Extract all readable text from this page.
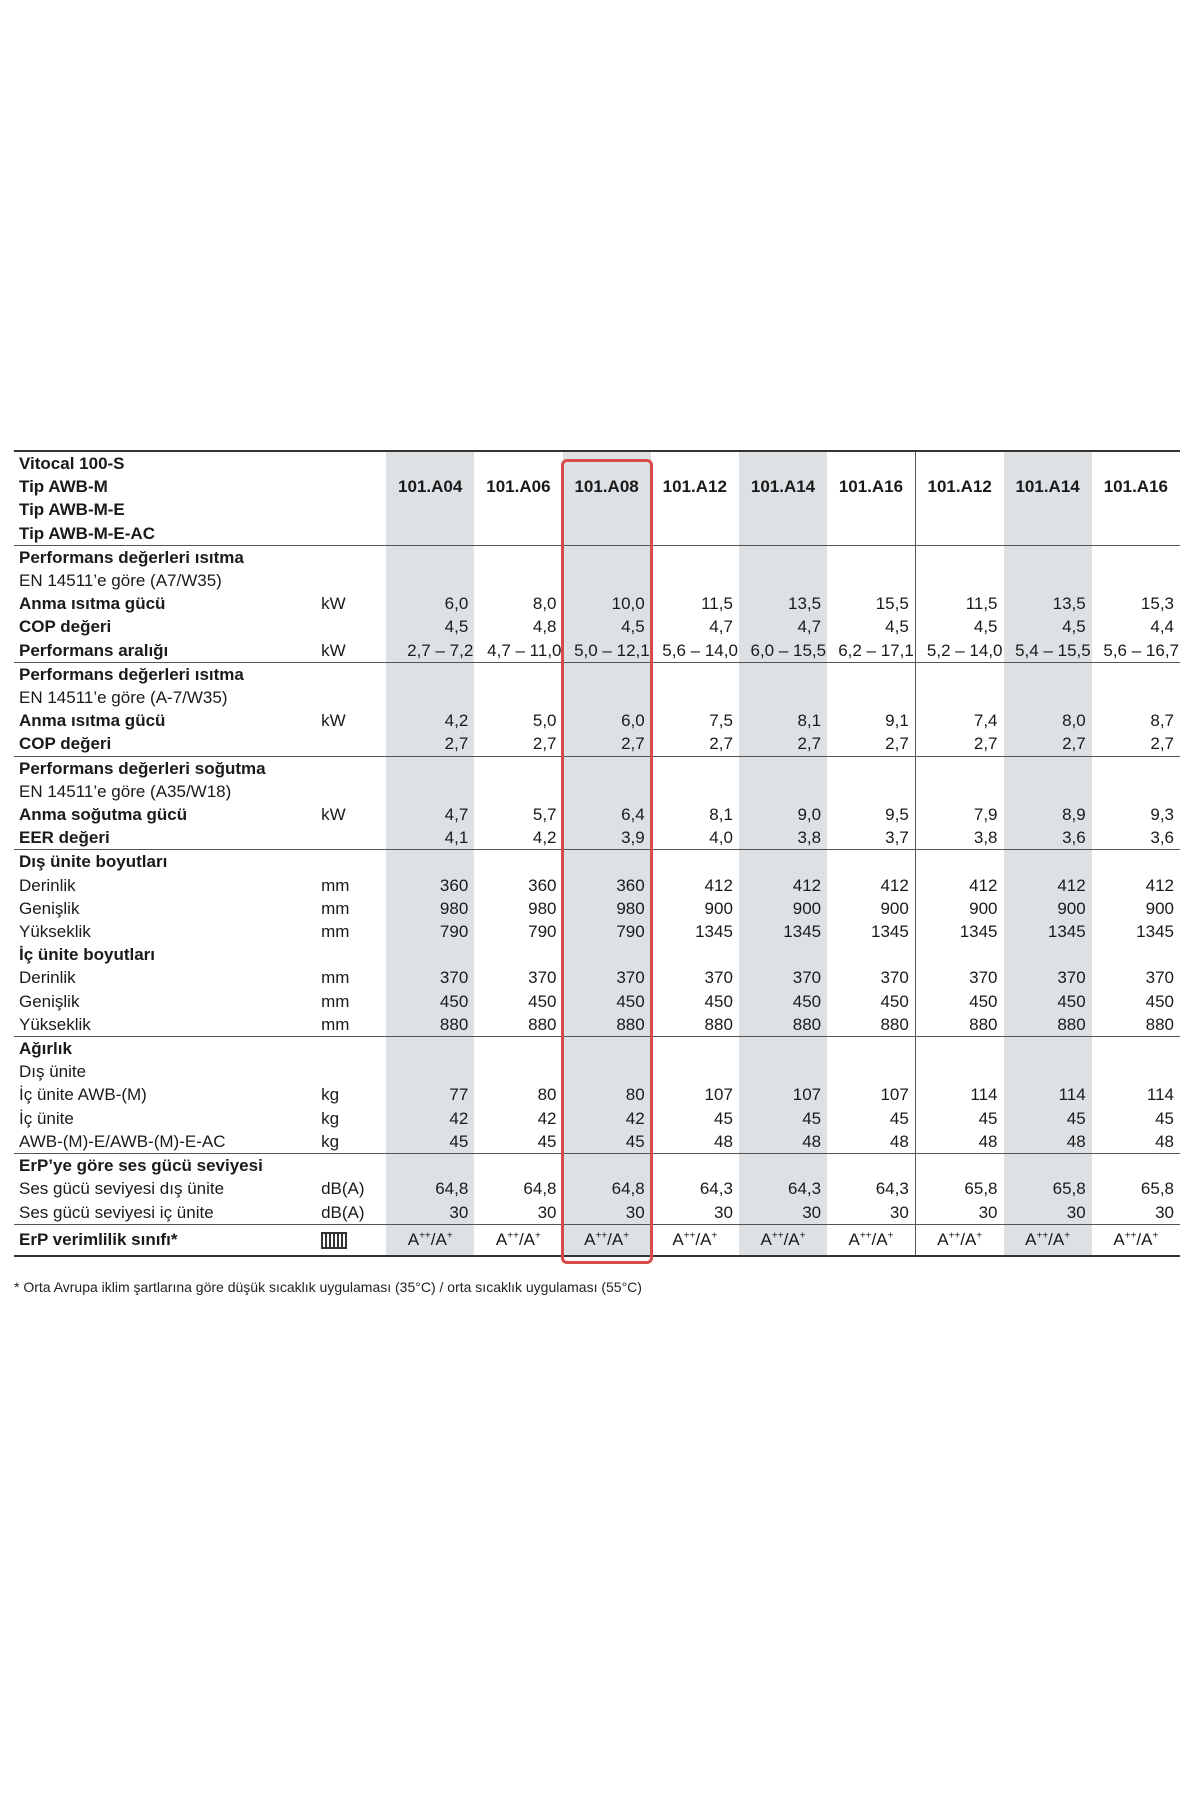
Vitocal 100-S										
Tip AWB-M		101.A04	101.A06	101.A08	101.A12	101.A14	101.A16	101.A12	101.A14	101.A16
Tip AWB-M-E										
Tip AWB-M-E-AC										
Performans değerleri ısıtma										
EN 14511’e göre (A7/W35)										
Anma ısıtma gücü	kW	6,0	8,0	10,0	11,5	13,5	15,5	11,5	13,5	15,3
COP değeri		4,5	4,8	4,5	4,7	4,7	4,5	4,5	4,5	4,4
Performans aralığı	kW	2,7 – 7,2	4,7 – 11,0	5,0 – 12,1	5,6 – 14,0	6,0 – 15,5	6,2 – 17,1	5,2 – 14,0	5,4 – 15,5	5,6 – 16,7
Performans değerleri ısıtma										
EN 14511’e göre (A-7/W35)										
Anma ısıtma gücü	kW	4,2	5,0	6,0	7,5	8,1	9,1	7,4	8,0	8,7
COP değeri		2,7	2,7	2,7	2,7	2,7	2,7	2,7	2,7	2,7
Performans değerleri soğutma										
EN 14511’e göre (A35/W18)										
Anma soğutma gücü	kW	4,7	5,7	6,4	8,1	9,0	9,5	7,9	8,9	9,3
EER değeri		4,1	4,2	3,9	4,0	3,8	3,7	3,8	3,6	3,6
Dış ünite boyutları										
Derinlik	mm	360	360	360	412	412	412	412	412	412
Genişlik	mm	980	980	980	900	900	900	900	900	900
Yükseklik	mm	790	790	790	1345	1345	1345	1345	1345	1345
İç ünite boyutları										
Derinlik	mm	370	370	370	370	370	370	370	370	370
Genişlik	mm	450	450	450	450	450	450	450	450	450
Yükseklik	mm	880	880	880	880	880	880	880	880	880
Ağırlık										
Dış ünite										
İç ünite AWB-(M)	kg	77	80	80	107	107	107	114	114	114
İç ünite	kg	42	42	42	45	45	45	45	45	45
AWB-(M)-E/AWB-(M)-E-AC	kg	45	45	45	48	48	48	48	48	48
ErP’ye göre ses gücü seviyesi										
Ses gücü seviyesi dış ünite	dB(A)	64,8	64,8	64,8	64,3	64,3	64,3	65,8	65,8	65,8
Ses gücü seviyesi iç ünite	dB(A)	30	30	30	30	30	30	30	30	30
ErP verimlilik sınıfı*		A++/A+	A++/A+	A++/A+	A++/A+	A++/A+	A++/A+	A++/A+	A++/A+	A++/A+
* Orta Avrupa iklim şartlarına göre düşük sıcaklık uygulaması (35°C) / orta sıcaklık uygulaması (55°C)
